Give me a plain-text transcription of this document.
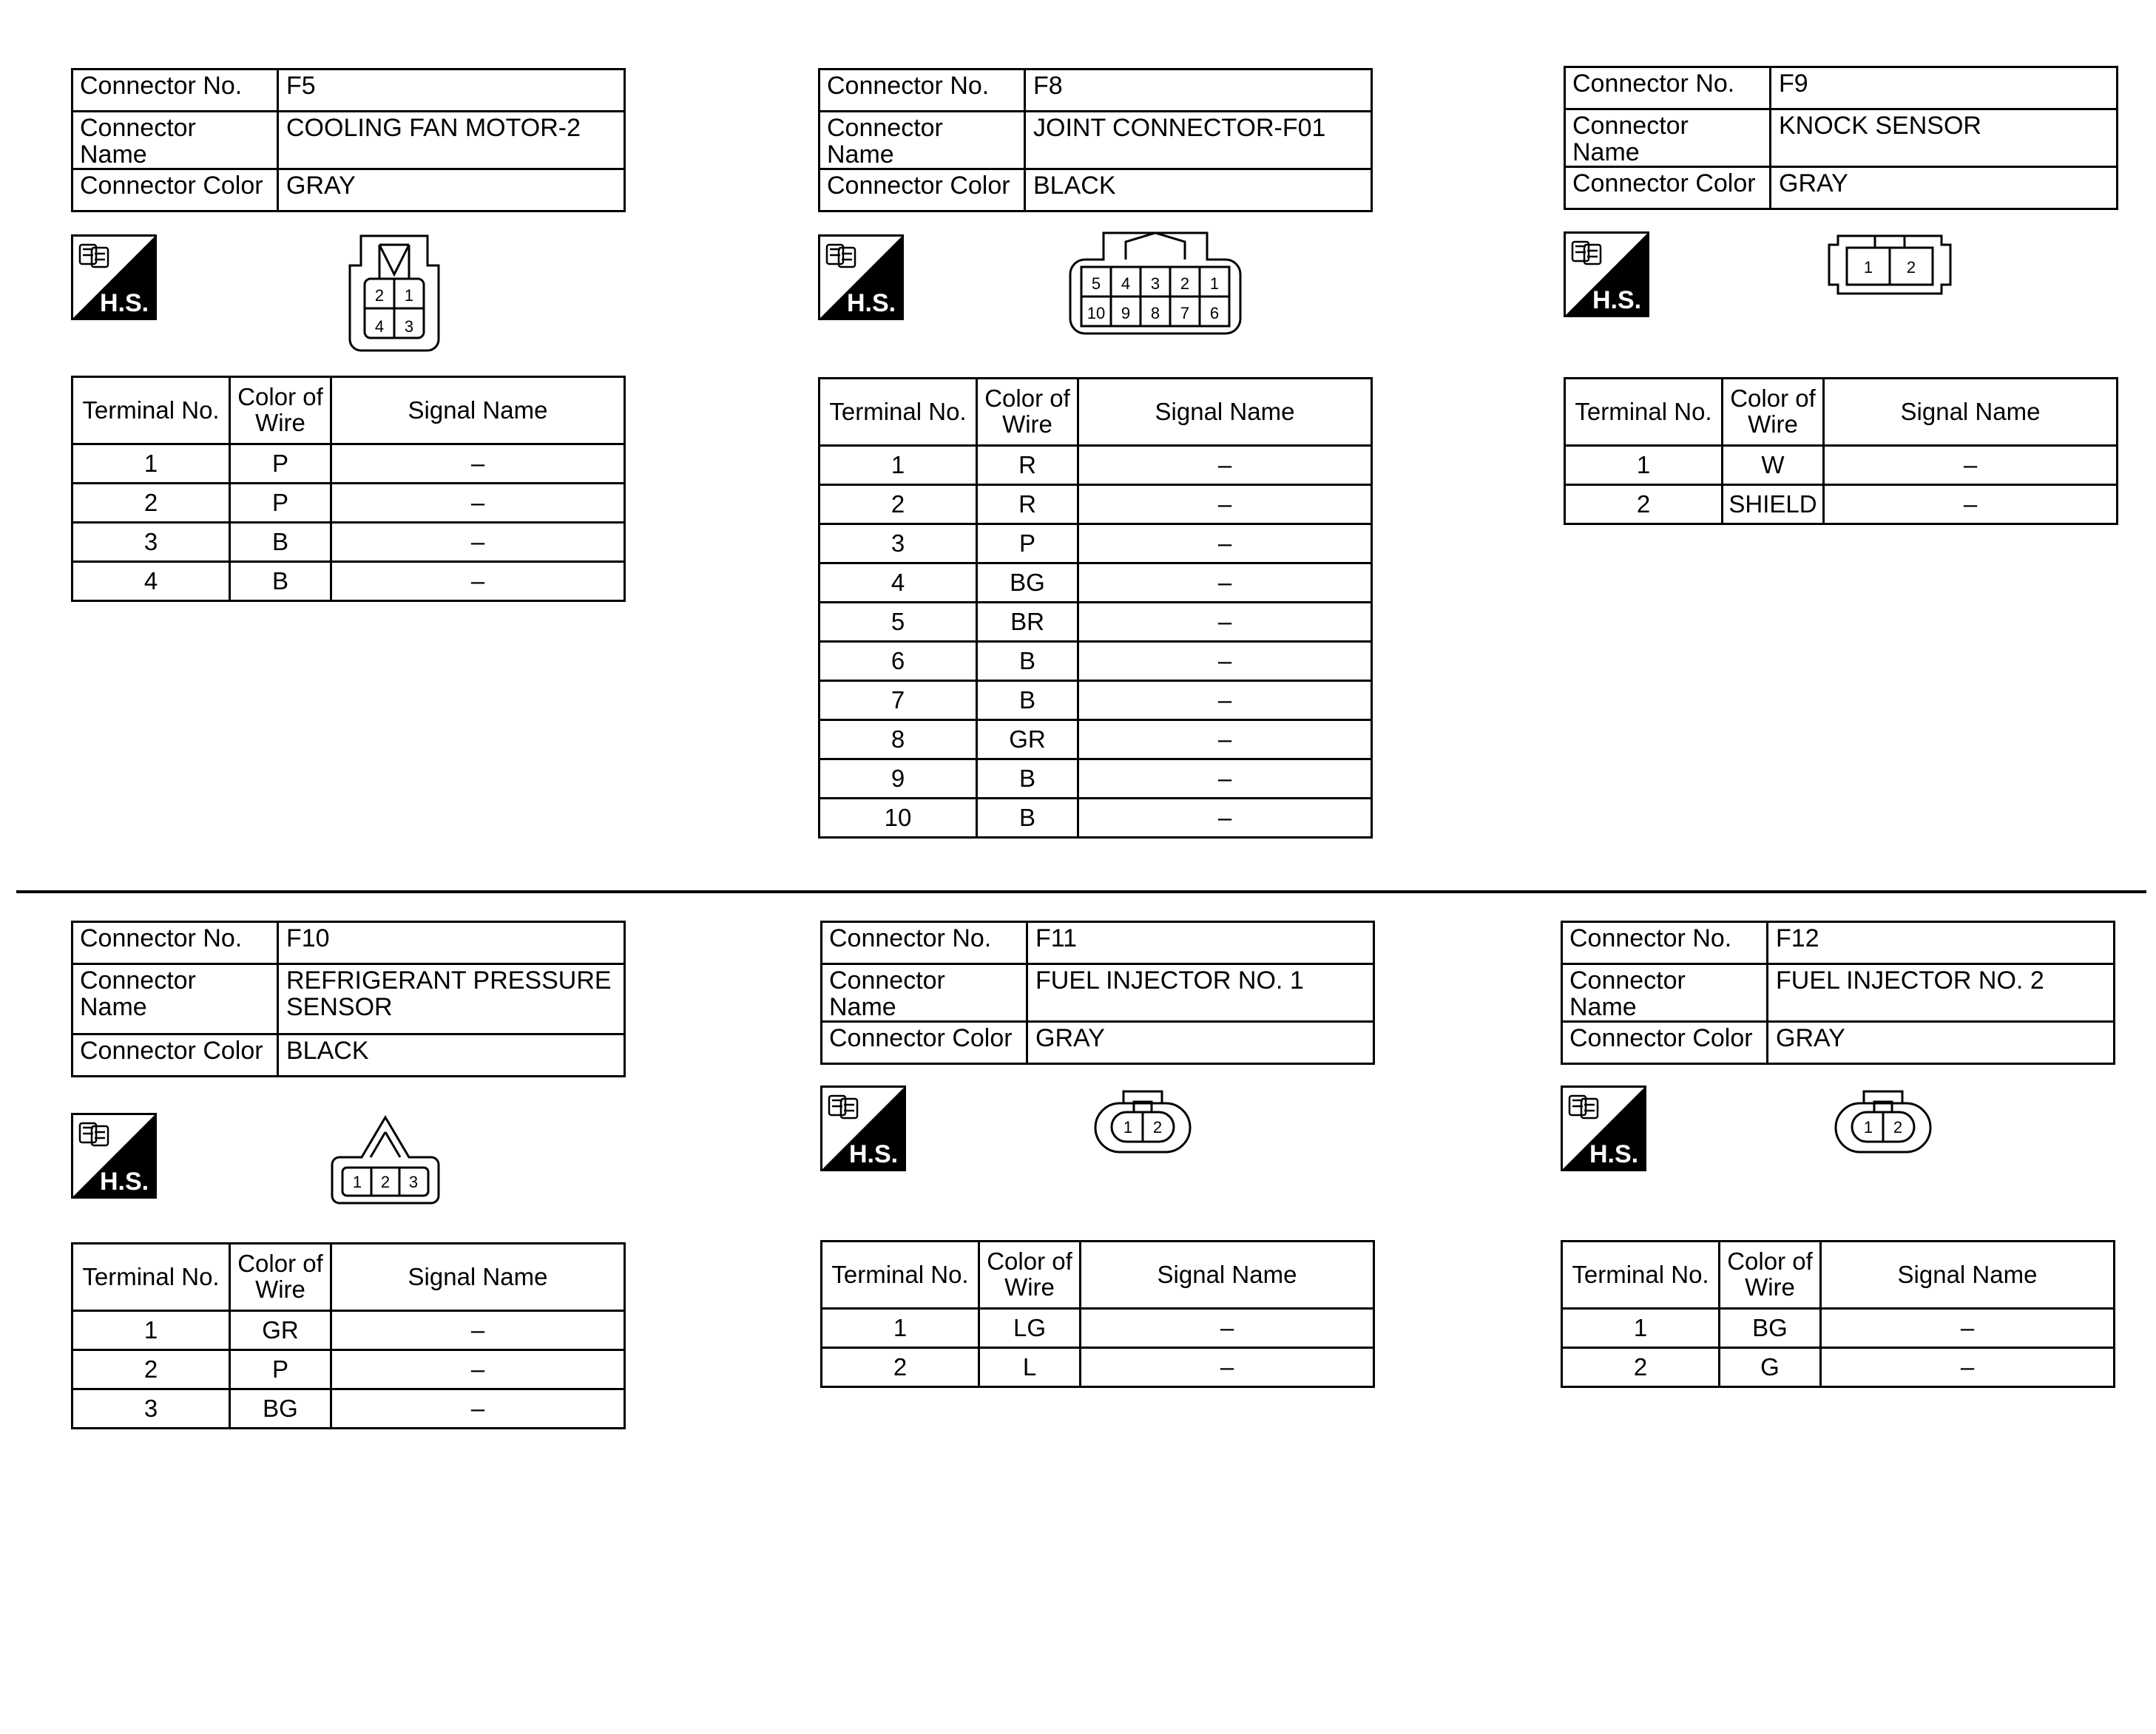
Connector No.	F5
Connector Name	COOLING FAN MOTOR-2
Connector Color	GRAY
H.S.	2 1
4 3
Terminal No.	Color of Wire	Signal Name
1	P	–
2	P	–
3	B	–
4	B	–
Connector No.	F8
Connector Name	JOINT CONNECTOR-F01
Connector Color	BLACK
H.S.
5
10
4
9
3
8
2
7
1
6
Terminal No.	Color of Wire	Signal Name
1	R	–
2	R	–
3	P	–
4	BG	–
5	BR	–
6	B	–
7	B	–
8	GR	–
9	B	–
10	B	–
Connector No.	F9
Connector Name	KNOCK SENSOR
Connector Color	GRAY
H.S.
1 2
Terminal No.	Color of Wire	Signal Name
1	W	–
2	SHIELD	–
Connector No.	F10
Connector Name	REFRIGERANT PRESSURE SENSOR
Connector Color	BLACK
H.S.	1 2 3
Terminal No.	Color of Wire	Signal Name
1	GR	–
2	P	–
3	BG	–
Connector No.	F11
Connector Name	FUEL INJECTOR NO. 1
Connector Color	GRAY
H.S.
1 2
Terminal No.	Color of Wire	Signal Name
1	LG	–
2	L	–
Connector No.	F12
Connector Name	FUEL INJECTOR NO. 2
Connector Color	GRAY
H.S.
1 2
Terminal No.	Color of Wire	Signal Name
1	BG	–
2	G	–
